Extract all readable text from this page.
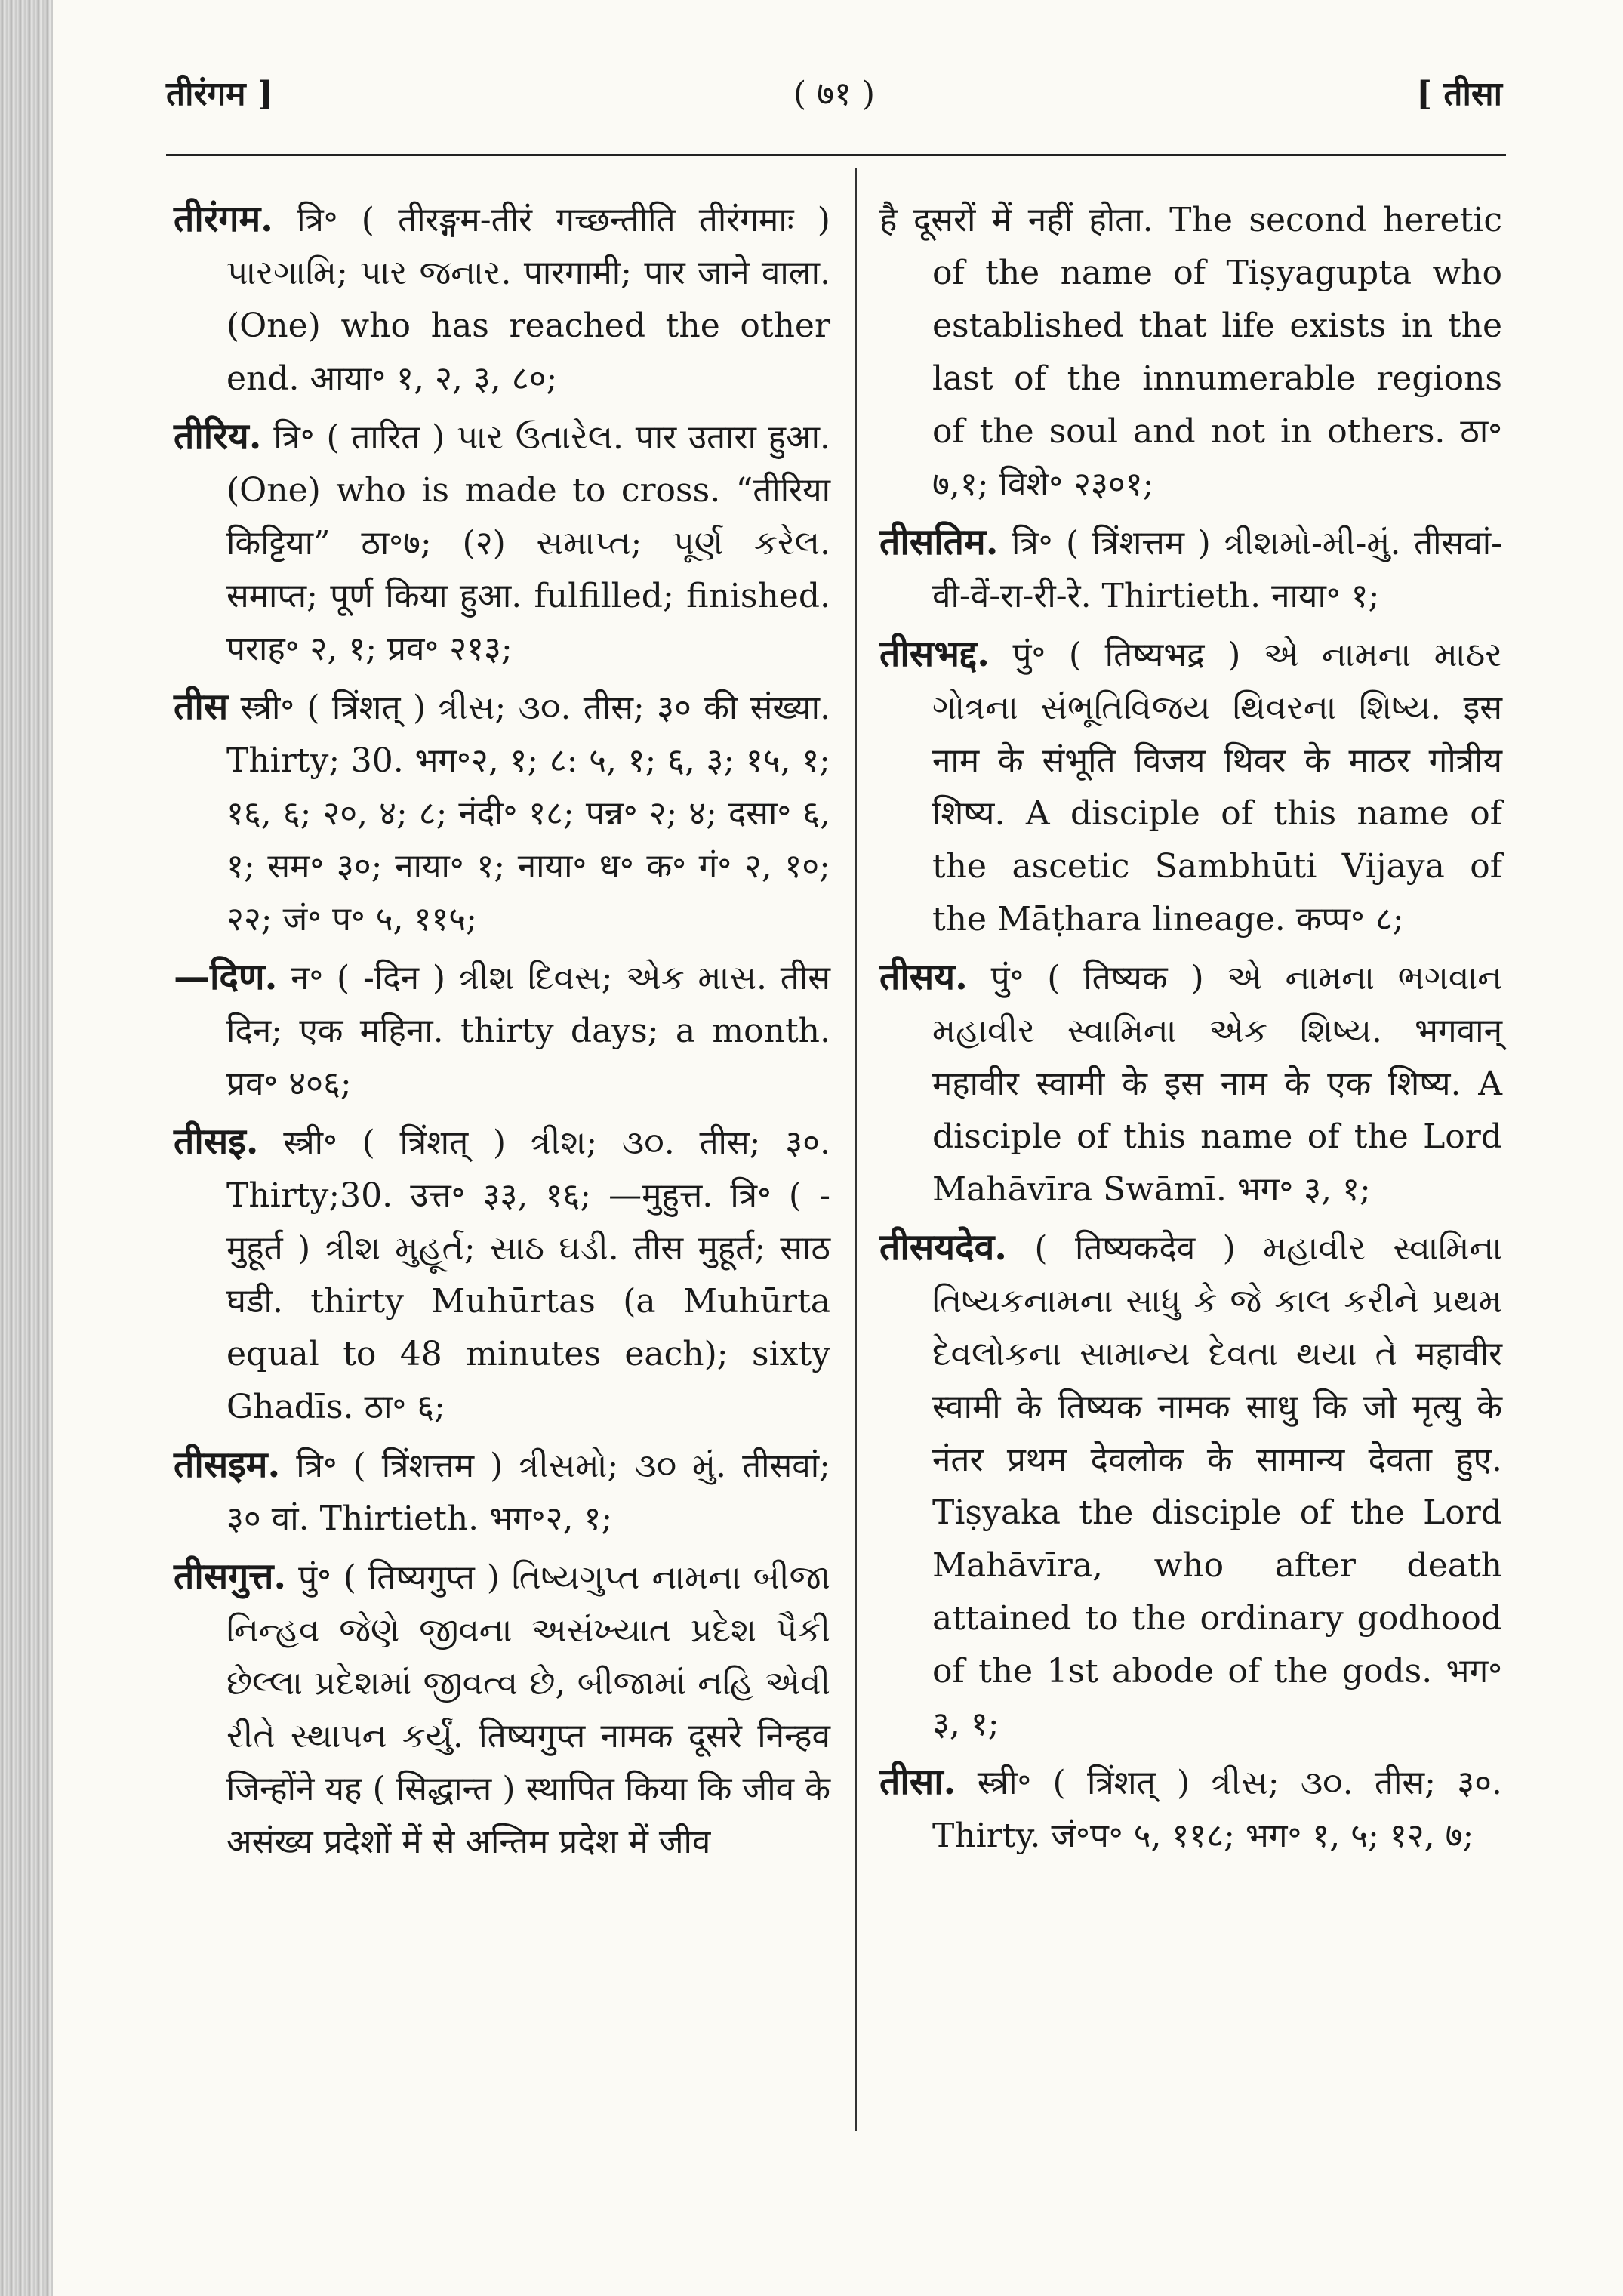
( ७१ )
तीरंगम ]	[ तीसा

तीरंगम. त्रि॰ ( तीरङ्गम-तीरं गच्छन्तीति तीरंगमाः ) પારગામિ; પાર જનાર. पारगामी; पार जाने वाला. (One) who has reached the other end. आया॰ १, २, ३, ८०;

तीरिय. त्रि॰ ( तारित ) પાર ઉતારેલ. पार उतारा हुआ. (One) who is made to cross. “तीरिया किट्टिया” ठा॰७; (२) સમાપ્ત; પૂર્ણ કરેલ. समाप्त; पूर्ण किया हुआ. fulfilled; finished. पराह॰ २, १; प्रव॰ २१३;

तीस स्त्री॰ ( त्रिंशत् ) ત્રીસ; ૩૦. तीस; ३० की संख्या. Thirty; 30. भग॰२, १; ८: ५, १; ६, ३; १५, १; १६, ६; २०, ४; ८; नंदी॰ १८; पन्न॰ २; ४; दसा॰ ६, १; सम॰ ३०; नाया॰ १; नाया॰ ध॰ क॰ गं॰ २, १०; २२; जं॰ प॰ ५, ११५;

—दिण. न॰ ( -दिन ) ત્રીશ દિવસ; એક માસ. तीस दिन; एक महिना. thirty days; a month. प्रव॰ ४०६;

तीसइ. स्त्री॰ ( त्रिंशत् ) ત્રીશ; ૩૦. तीस; ३०. Thirty;30. उत्त॰ ३३, १६; —मुहुत्त. त्रि॰ ( -मुहूर्त ) ત્રીશ મુહૂર્ત; સાઠ ઘડી. तीस मुहूर्त; साठ घडी. thirty Muhūrtas (a Muhūrta equal to 48 minutes each); sixty Ghadīs. ठा॰ ६;

तीसइम. त्रि॰ ( त्रिंशत्तम ) ત્રીસમો; ૩૦ મું. तीसवां; ३० वां. Thirtieth. भग॰२, १;

तीसगुत्त. पुं॰ ( तिष्यगुप्त ) તિષ્યગુપ્ત નામના બીજા નિન્હવ જેણે જીવના અસંખ્યાત પ્રદેશ પૈકી છેલ્લા પ્રદેશમાં જીવત્વ છે, બીજામાં નહિ એવી રીતે સ્થાપન કર્યું. तिष्यगुप्त नामक दूसरे निन्हव जिन्होंने यह ( सिद्धान्त ) स्थापित किया कि जीव के असंख्य प्रदेशों में से अन्तिम प्रदेश में जीव

है दूसरों में नहीं होता. The second heretic of the name of Tiṣyagupta who established that life exists in the last of the innumerable regions of the soul and not in others. ठा॰ ७,१; विशे॰ २३०१;

तीसतिम. त्रि॰ ( त्रिंशत्तम ) ત્રીશમો-મી-મું. तीसवां-वी-वें-रा-री-रे. Thirtieth. नाया॰ १;

तीसभद्द. पुं॰ ( तिष्यभद्र ) એ નામના માઠર ગોત્રના સંભૂતિવિજય થિવરના શિષ્ય. इस नाम के संभूति विजय थिवर के माठर गोत्रीय शिष्य. A disciple of this name of the ascetic Sambhūti Vijaya of the Māṭhara lineage. कप्प॰ ८;

तीसय. पुं॰ ( तिष्यक ) એ નામના ભગવાન મહાવીર સ્વામિના એક શિષ્ય. भगवान् महावीर स्वामी के इस नाम के एक शिष्य. A disciple of this name of the Lord Mahāvīra Swāmī. भग॰ ३, १;

तीसयदेव. ( तिष्यकदेव ) મહાવીર સ્વામિના તિષ્યકનામના સાધુ કે જે કાલ કરીને પ્રથમ દેવલોકના સામાન્ય દેવતા થયા તે महावीर स्वामी के तिष्यक नामक साधु कि जो मृत्यु के नंतर प्रथम देवलोक के सामान्य देवता हुए. Tiṣyaka the disciple of the Lord Mahāvīra, who after death attained to the ordinary godhood of the 1st abode of the gods. भग॰ ३, १;

तीसा. स्त्री॰ ( त्रिंशत् ) ત્રીસ; ૩૦. तीस; ३०. Thirty. जं॰प॰ ५, ११८; भग॰ १, ५; १२, ७;
